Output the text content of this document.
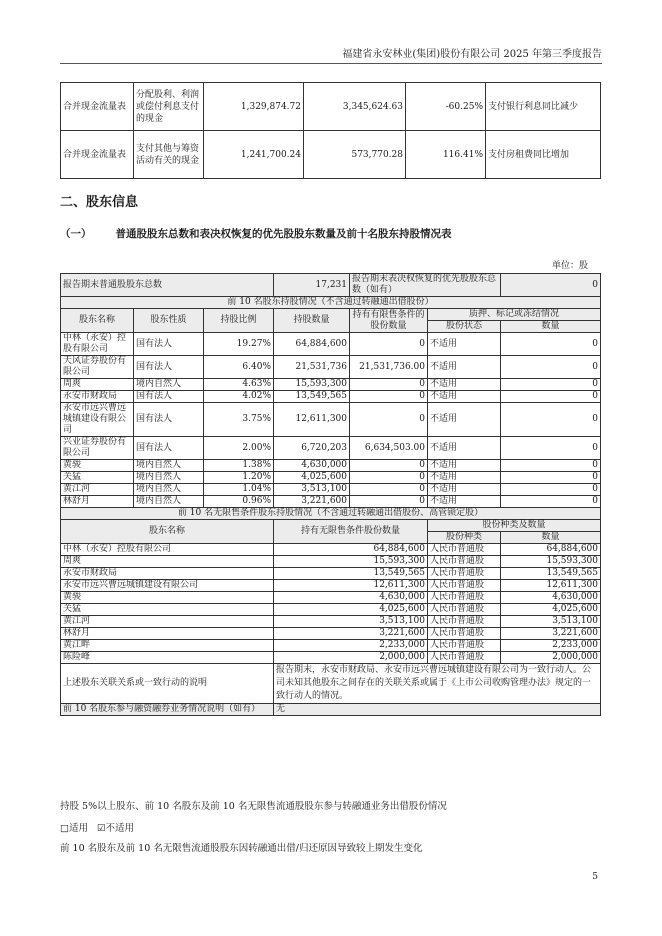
福建省永安林业(集团)股份有限公司 2025 年第三季度报告
合并现金流量表	分配股利、利润或偿付利息支付的现金	1,329,874.72	3,345,624.63	-60.25%	支付银行利息同比减少
合并现金流量表	支付其他与筹资活动有关的现金	1,241,700.24	573,770.28	116.41%	支付房租费同比增加
二、股东信息
（一） 普通股股东总数和表决权恢复的优先股股东数量及前十名股东持股情况表
单位：股
报告期末普通股股东总数			17,231	报告期末表决权恢复的优先股股东总数（如有）		0
前 10 名股东持股情况（不含通过转融通出借股份）						
股东名称	股东性质	持股比例	持股数量	持有有限售条件的股份数量	质押、标记或冻结情况	
					股份状态	数量
中林（永安）控股有限公司	国有法人	19.27%	64,884,600	0	不适用	0
天风证券股份有限公司	国有法人	6.40%	21,531,736	21,531,736.00	不适用	0
周爽	境内自然人	4.63%	15,593,300	0	不适用	0
永安市财政局	国有法人	4.02%	13,549,565	0	不适用	0
永安市远兴曹远城镇建设有限公司	国有法人	3.75%	12,611,300	0	不适用	0
兴业证券股份有限公司	国有法人	2.00%	6,720,203	6,634,503.00	不适用	0
黄骏	境内自然人	1.38%	4,630,000	0	不适用	0
关猛	境内自然人	1.20%	4,025,600	0	不适用	0
黄江河	境内自然人	1.04%	3,513,100	0	不适用	0
林舒月	境内自然人	0.96%	3,221,600	0	不适用	0
前 10 名无限售条件股东持股情况（不含通过转融通出借股份、高管锁定股）						
股东名称			持有无限售条件股份数量		股份种类及数量	
					股份种类	数量
中林（永安）控股有限公司			64,884,600		人民币普通股	64,884,600
周爽			15,593,300		人民币普通股	15,593,300
永安市财政局			13,549,565		人民币普通股	13,549,565
永安市远兴曹远城镇建设有限公司			12,611,300		人民币普通股	12,611,300
黄骏			4,630,000		人民币普通股	4,630,000
关猛			4,025,600		人民币普通股	4,025,600
黄江河			3,513,100		人民币普通股	3,513,100
林舒月			3,221,600		人民币普通股	3,221,600
黄江畔			2,233,000		人民币普通股	2,233,000
陈险峰			2,000,000		人民币普通股	2,000,000
上述股东关联关系或一致行动的说明			报告期末，永安市财政局、永安市远兴曹远城镇建设有限公司为一致行动人。公司未知其他股东之间存在的关联关系或属于《上市公司收购管理办法》规定的一致行动人的情况。			
前 10 名股东参与融资融券业务情况说明（如有）			无			
持股 5%以上股东、前 10 名股东及前 10 名无限售流通股股东参与转融通业务出借股份情况
□适用 ☑不适用
前 10 名股东及前 10 名无限售流通股股东因转融通出借/归还原因导致较上期发生变化
5
